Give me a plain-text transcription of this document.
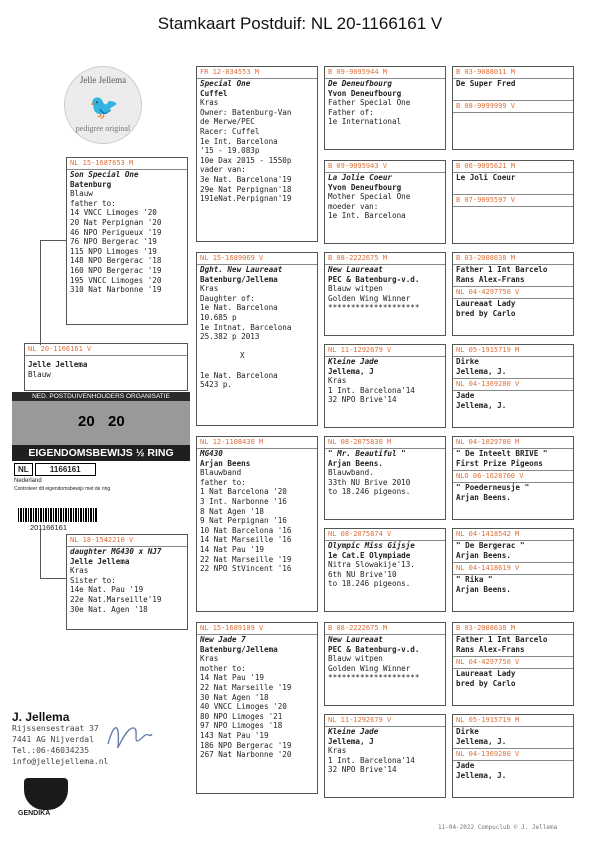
Stamkaart Postduif: NL 20-1166161 V
Jelle Jellema
🐦
pedigree original
NL 20-1166161 V
Jelle Jellema
Blauw
NED. POSTDUIVENHOUDERS ORGANISATIE
20 20
EIGENDOMSBEWIJS ½ RING
NL	1166161
Nederland
Controleer dit eigendomsbewijs met de ring
201166161
NL 15-1687653 M
Son Special One
Batenburg
Blauw
father to:
14 VNCC Limoges '20
20 Nat Perpignan '20
46 NPO Perigueux '19
76 NPO Bergerac '19
115 NPO Limoges '19
148 NPO Bergerac '18
160 NPO Bergerac '19
195 VNCC Limoges '20
310 Nat Narbonne '19
NL 18-1542210 V
daughter MG430 x NJ7
Jelle Jellema
Kras
Sister to:
14e Nat. Pau '19
22e Nat.Marseille'19
30e Nat. Agen '18
FR 12-034553 M
Special One
Cuffel
Kras
Owner: Batenburg-Van
de Merwe/PEC
Racer: Cuffel
1e Int. Barcelona
'15 - 19.083p
10e Dax 2015 - 1550p
vader van:
3e Nat. Barcelona'19
29e Nat Perpignan'18
191eNat.Perpignan'19
NL 15-1689069 V
Dght. New Laureaat
Batenburg/Jellema
Kras
Daughter of:
1e Nat. Barcelona
10.685 p
1e Intnat. Barcelona
25.382 p 2013

X

1e Nat. Barcelona
5423 p.
NL 12-1108430 M
MG430
Arjan Beens
Blauwband
father to:
1 Nat Barcelona '20
3 Int. Narbonne '16
8 Nat Agen '18
9 Nat Perpignan '16
10 Nat Barcelona '16
14 Nat Marseille '16
14 Nat Pau '19
22 Nat Marseille '19
22 NPO StVincent '16
NL 15-1689189 V
New Jade 7
Batenburg/Jellema
Kras
mother to:
14 Nat Pau '19
22 Nat Marseille '19
30 Nat Agen '18
40 VNCC Limoges '20
80 NPO Limoges '21
97 NPO Limoges '18
143 Nat Pau '19
186 NPO Bergerac '19
267 Nat Narbonne '20
B 09-9095944 M
De Deneufbourg
Yvon Deneufbourg
Father Special One
Father of:
1e International
B 09-9095943 V
La Jolie Coeur
Yvon Deneufbourg
Mother Special One
moeder van:
1e Int. Barcelona
B 08-2222675 M
New Laureaat
PEC & Batenburg-v.d.
Blauw witpen
Golden Wing Winner
********************
NL 11-1292679 V
Kleine Jade
Jellema, J
Kras
1 Int. Barcelona'14
32 NPO Brive'14
NL 08-2075830 M
" Mr. Beautiful "
Arjan Beens.
Blauwband.
33th NU Brive 2010
to 18.246 pigeons.
NL 08-2075874 V
Olympic Miss Gijsje
1e Cat.E Olympiade
Nitra Slowakije'13.
6th NU Brive'10
to 18.246 pigeons.
B 08-2222675 M
New Laureaat
PEC & Batenburg-v.d.
Blauw witpen
Golden Wing Winner
********************
NL 11-1292679 V
Kleine Jade
Jellema, J
Kras
1 Int. Barcelona'14
32 NPO Brive'14
B 03-9088011 M
De Super Fred

B 08-9999999 V

B 06-9095621 M
Le Joli Coeur

B 07-9095597 V

B 03-2008638 M
Father 1 Int Barcelo
Rans Alex-Frans
NL 04-4297750 V
Laureaat Lady
bred by Carlo
NL 05-1915719 M
Dirke
Jellema, J.
NL 04-1369280 V
Jade
Jellema, J.
NL 04-1029780 M
" De Inteelt BRIVE "
First Prize Pigeons
NLO 06-1628760 V
" Poederneusje "
Arjan Beens.
NL 04-1418542 M
" De Bergerac "
Arjan Beens.
NL 04-1418619 V
" Rika "
Arjan Beens.
B 03-2008638 M
Father 1 Int Barcelo
Rans Alex-Frans
NL 04-4297750 V
Laureaat Lady
bred by Carlo
NL 05-1915719 M
Dirke
Jellema, J.
NL 04-1369280 V
Jade
Jellema, J.
J. Jellema
Rijssensestraat 37
7441 AG Nijverdal
Tel.:06-46034235
info@jellejellema.nl
GENDIKA
11-04-2022 Compuclub © J. Jellema
